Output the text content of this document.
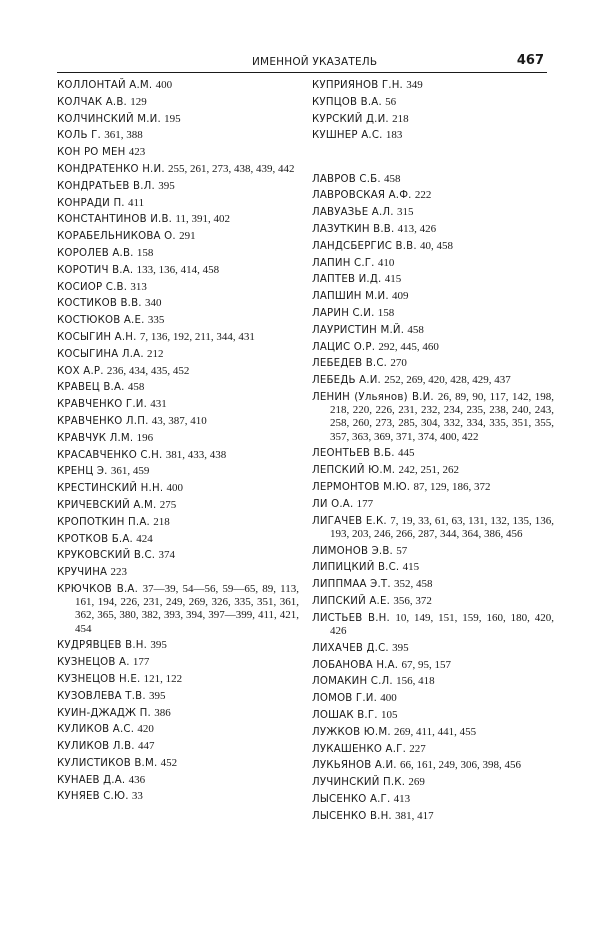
ИМЕННОЙ УКАЗАТЕЛЬ	467
КОЛЛОНТАЙ А.М. 400
КОЛЧАК А.В. 129
КОЛЧИНСКИЙ М.И. 195
КОЛЬ Г. 361, 388
КОН РО МЕН 423
КОНДРАТЕНКО Н.И. 255, 261, 273, 438, 439, 442
КОНДРАТЬЕВ В.Л. 395
КОНРАДИ П. 411
КОНСТАНТИНОВ И.В. 11, 391, 402
КОРАБЕЛЬНИКОВА О. 291
КОРОЛЕВ А.В. 158
КОРОТИЧ В.А. 133, 136, 414, 458
КОСИОР С.В. 313
КОСТИКОВ В.В. 340
КОСТЮКОВ А.Е. 335
КОСЫГИН А.Н. 7, 136, 192, 211, 344, 431
КОСЫГИНА Л.А. 212
КОХ А.Р. 236, 434, 435, 452
КРАВЕЦ В.А. 458
КРАВЧЕНКО Г.И. 431
КРАВЧЕНКО Л.П. 43, 387, 410
КРАВЧУК Л.М. 196
КРАСАВЧЕНКО С.Н. 381, 433, 438
КРЕНЦ Э. 361, 459
КРЕСТИНСКИЙ Н.Н. 400
КРИЧЕВСКИЙ А.М. 275
КРОПОТКИН П.А. 218
КРОТКОВ Б.А. 424
КРУКОВСКИЙ В.С. 374
КРУЧИНА 223
КРЮЧКОВ В.А. 37—39, 54—56, 59—65, 89, 113, 161, 194, 226, 231, 249, 269, 326, 335, 351, 361, 362, 365, 380, 382, 393, 394, 397—399, 411, 421, 454
КУДРЯВЦЕВ В.Н. 395
КУЗНЕЦОВ А. 177
КУЗНЕЦОВ Н.Е. 121, 122
КУЗОВЛЕВА Т.В. 395
КУИН-ДЖАДЖ П. 386
КУЛИКОВ А.С. 420
КУЛИКОВ Л.В. 447
КУЛИСТИКОВ В.М. 452
КУНАЕВ Д.А. 436
КУНЯЕВ С.Ю. 33
КУПРИЯНОВ Г.Н. 349
КУПЦОВ В.А. 56
КУРСКИЙ Д.И. 218
КУШНЕР А.С. 183
ЛАВРОВ С.Б. 458
ЛАВРОВСКАЯ А.Ф. 222
ЛАВУАЗЬЕ А.Л. 315
ЛАЗУТКИН В.В. 413, 426
ЛАНДСБЕРГИС В.В. 40, 458
ЛАПИН С.Г. 410
ЛАПТЕВ И.Д. 415
ЛАПШИН М.И. 409
ЛАРИН С.И. 158
ЛАУРИСТИН М.Й. 458
ЛАЦИС О.Р. 292, 445, 460
ЛЕБЕДЕВ В.С. 270
ЛЕБЕДЬ А.И. 252, 269, 420, 428, 429, 437
ЛЕНИН (Ульянов) В.И. 26, 89, 90, 117, 142, 198, 218, 220, 226, 231, 232, 234, 235, 238, 240, 243, 258, 260, 273, 285, 304, 332, 334, 335, 351, 355, 357, 363, 369, 371, 374, 400, 422
ЛЕОНТЬЕВ В.Б. 445
ЛЕПСКИЙ Ю.М. 242, 251, 262
ЛЕРМОНТОВ М.Ю. 87, 129, 186, 372
ЛИ О.А. 177
ЛИГАЧЕВ Е.К. 7, 19, 33, 61, 63, 131, 132, 135, 136, 193, 203, 246, 266, 287, 344, 364, 386, 456
ЛИМОНОВ Э.В. 57
ЛИПИЦКИЙ В.С. 415
ЛИППМАА Э.Т. 352, 458
ЛИПСКИЙ А.Е. 356, 372
ЛИСТЬЕВ В.Н. 10, 149, 151, 159, 160, 180, 420, 426
ЛИХАЧЕВ Д.С. 395
ЛОБАНОВА Н.А. 67, 95, 157
ЛОМАКИН С.Л. 156, 418
ЛОМОВ Г.И. 400
ЛОШАК В.Г. 105
ЛУЖКОВ Ю.М. 269, 411, 441, 455
ЛУКАШЕНКО А.Г. 227
ЛУКЬЯНОВ А.И. 66, 161, 249, 306, 398, 456
ЛУЧИНСКИЙ П.К. 269
ЛЫСЕНКО А.Г. 413
ЛЫСЕНКО В.Н. 381, 417
